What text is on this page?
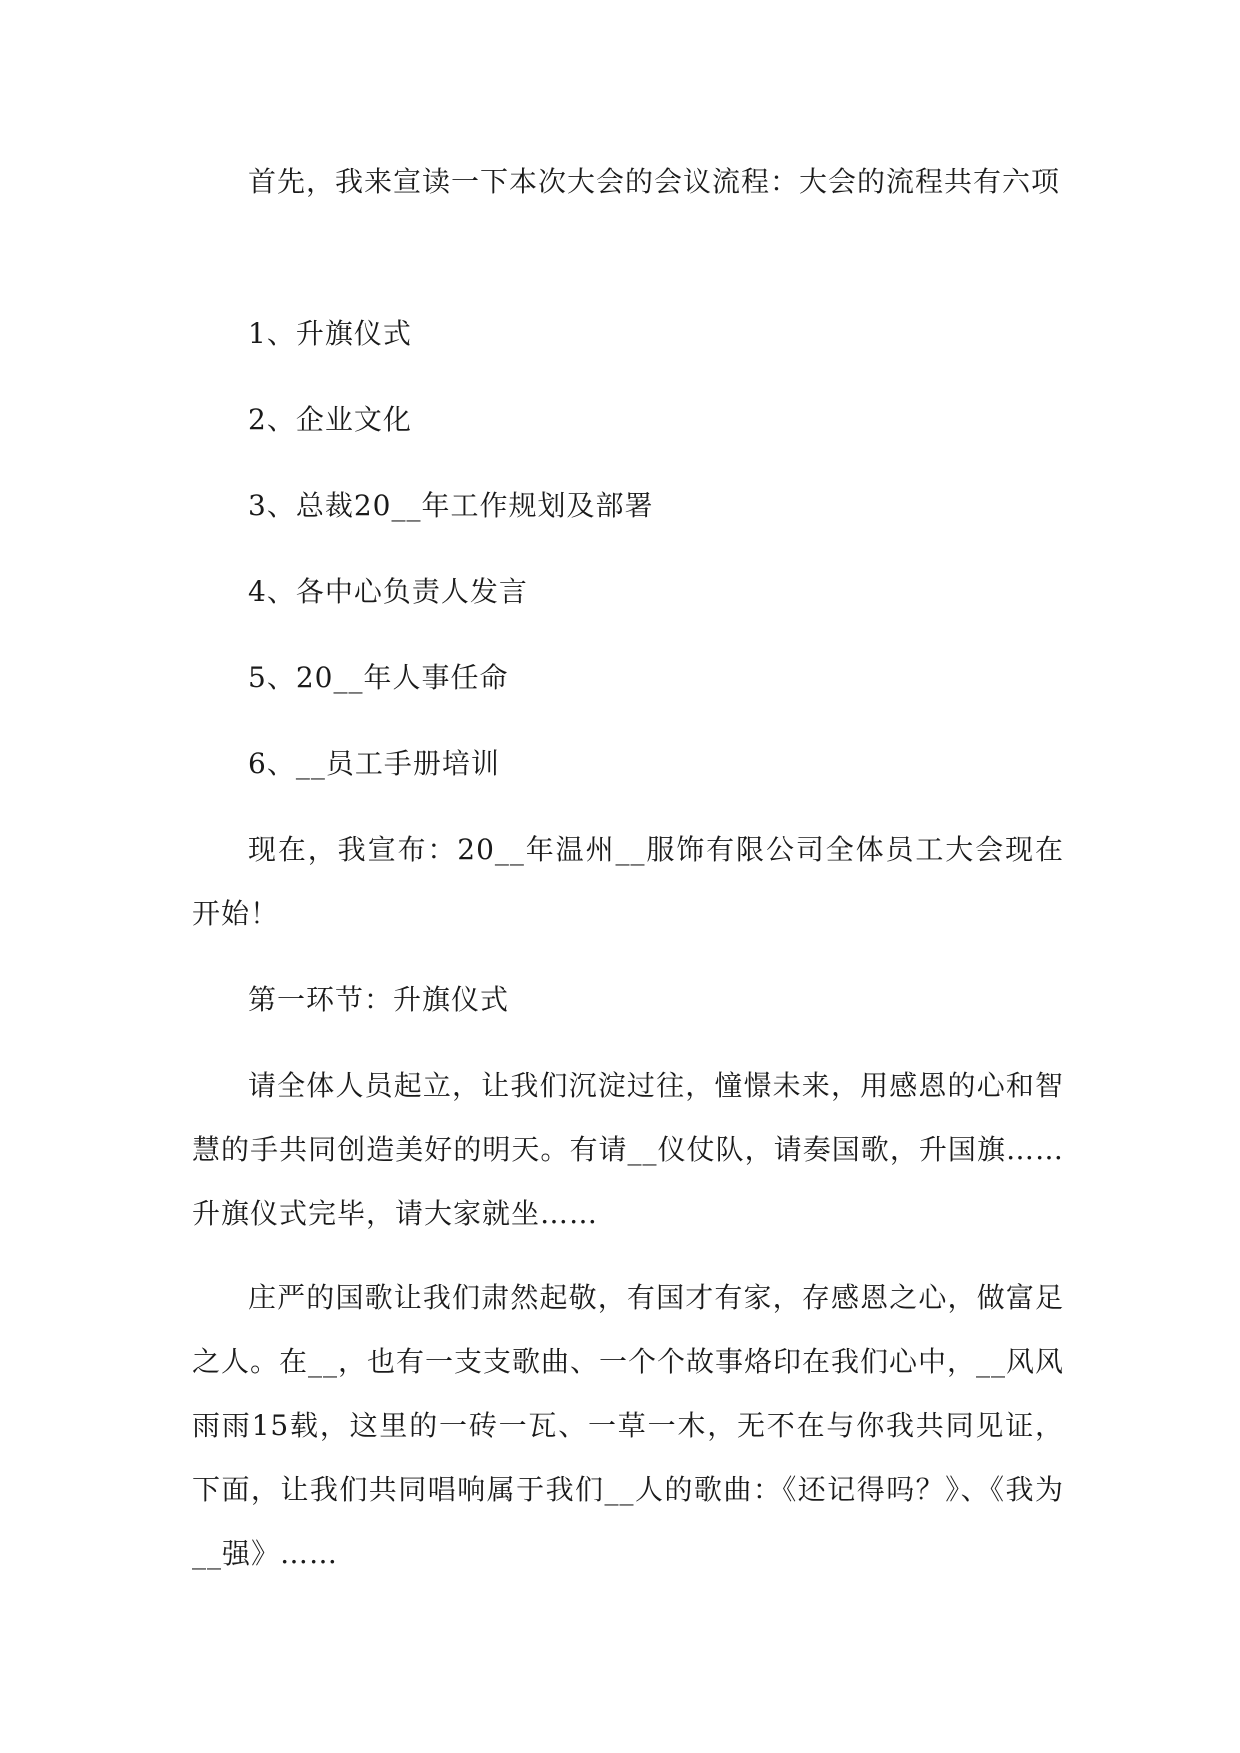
首先，我来宣读一下本次大会的会议流程：大会的流程共有六项

1、升旗仪式

2、企业文化

3、总裁20__年工作规划及部署

4、各中心负责人发言

5、20__年人事任命

6、__员工手册培训

现在，我宣布：20__年温州__服饰有限公司全体员工大会现在开始！

第一环节：升旗仪式

请全体人员起立，让我们沉淀过往，憧憬未来，用感恩的心和智慧的手共同创造美好的明天。有请__仪仗队，请奏国歌，升国旗……升旗仪式完毕，请大家就坐……

庄严的国歌让我们肃然起敬，有国才有家，存感恩之心，做富足之人。在__，也有一支支歌曲、一个个故事烙印在我们心中，__风风雨雨15载，这里的一砖一瓦、一草一木，无不在与你我共同见证，下面，让我们共同唱响属于我们__人的歌曲：《还记得吗？》、《我为__强》……
